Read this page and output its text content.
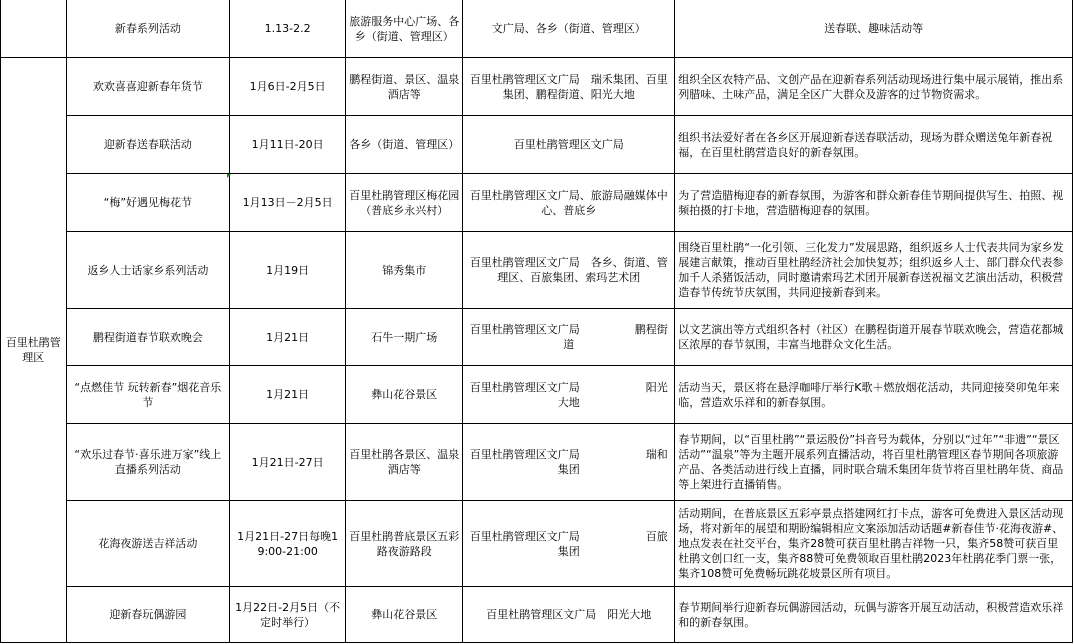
	新春系列活动	1.13-2.2	旅游服务中心广场、各乡（街道、管理区）	文广局、各乡（街道、管理区）	送春联、趣味活动等
百里杜鹃管理区	欢欢喜喜迎新春年货节	1月6日-2月5日	鹏程街道、景区、温泉酒店等	百里杜鹃管理区文广局　瑞禾集团、百里集团、鹏程街道、阳光大地	组织全区农特产品、文创产品在迎新春系列活动现场进行集中展示展销，推出系列腊味、土味产品，满足全区广大群众及游客的过节物资需求。
	迎新春送春联活动	1月11日-20日	各乡（街道、管理区）	百里杜鹃管理区文广局	组织书法爱好者在各乡区开展迎新春送春联活动，现场为群众赠送兔年新春祝福，在百里杜鹃营造良好的新春氛围。
	“梅”好遇见梅花节	1月13日－2月5日	百里杜鹃管理区梅花园（普底乡永兴村）	百里杜鹃管理区文广局、旅游局融媒体中心、普底乡	为了营造腊梅迎春的新春氛围，为游客和群众新春佳节期间提供写生、拍照、视频拍摄的打卡地，营造腊梅迎春的氛围。
	返乡人士话家乡系列活动	1月19日	锦秀集市	百里杜鹃管理区文广局　各乡、街道、管理区、百旅集团、索玛艺术团	围绕百里杜鹃“一化引领、三化发力”发展思路，组织返乡人士代表共同为家乡发展建言献策，推动百里杜鹃经济社会加快复苏；组织返乡人士、部门群众代表参加千人杀猪饭活动，同时邀请索玛艺术团开展新春送祝福文艺演出活动，积极营造春节传统节庆氛围，共同迎接新春到来。
	鹏程街道春节联欢晚会	1月21日	石牛一期广场	百里杜鹃管理区文广局　　　　　鹏程街道	以文艺演出等方式组织各村（社区）在鹏程街道开展春节联欢晚会，营造花都城区浓厚的春节氛围，丰富当地群众文化生活。
	“点燃佳节 玩转新春”烟花音乐节	1月21日	彝山花谷景区	百里杜鹃管理区文广局　　　　　　阳光大地	活动当天，景区将在悬浮咖啡厅举行K歌＋燃放烟花活动，共同迎接癸卯兔年来临，营造欢乐祥和的新春氛围。
	“欢乐过春节·喜乐进万家”线上直播系列活动	1月21日-27日	百里杜鹃各景区、温泉酒店等	百里杜鹃管理区文广局　　　　　　瑞和集团	春节期间，以“百里杜鹃”“景运股份”抖音号为载体，分别以“过年”“非遗”“景区活动”“温泉”等为主题开展系列直播活动，将百里杜鹃管理区春节期间各项旅游产品、各类活动进行线上直播，同时联合瑞禾集团年货节将百里杜鹃年货、商品等上架进行直播销售。
	花海夜游送吉祥活动	1月21日-27日每晚19:00-21:00	百里杜鹃普底景区五彩路夜游路段	百里杜鹃管理区文广局　　　　　　百旅集团	活动期间，在普底景区五彩亭景点搭建网红打卡点，游客可免费进入景区活动现场，将对新年的展望和期盼编辑相应文案添加活动话题#新春佳节·花海夜游#、地点发表在社交平台，集齐28赞可获百里杜鹃吉祥物一只，集齐58赞可获百里杜鹃文创口红一支，集齐88赞可免费领取百里杜鹃2023年杜鹃花季门票一张，集齐108赞可免费畅玩跳花坡景区所有项目。
	迎新春玩偶游园	1月22日-2月5日（不定时举行）	彝山花谷景区	百里杜鹃管理区文广局　阳光大地	春节期间举行迎新春玩偶游园活动，玩偶与游客开展互动活动，积极营造欢乐祥和的新春氛围。
